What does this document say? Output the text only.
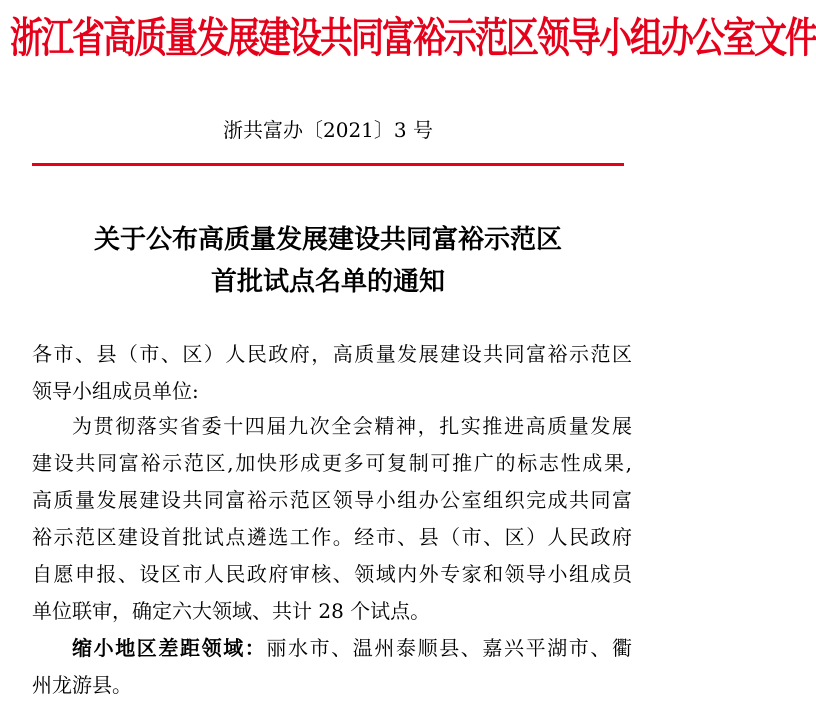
浙江省高质量发展建设共同富裕示范区领导小组办公室文件
浙共富办〔2021〕3 号
关于公布高质量发展建设共同富裕示范区
首批试点名单的通知
各市、县（市、区）人民政府，高质量发展建设共同富裕示范区
领导小组成员单位:
为贯彻落实省委十四届九次全会精神，扎实推进高质量发展
建设共同富裕示范区,加快形成更多可复制可推广的标志性成果,
高质量发展建设共同富裕示范区领导小组办公室组织完成共同富
裕示范区建设首批试点遴选工作。经市、县（市、区）人民政府
自愿申报、设区市人民政府审核、领域内外专家和领导小组成员
单位联审，确定六大领域、共计 28 个试点。
缩小地区差距领域：丽水市、温州泰顺县、嘉兴平湖市、衢
州龙游县。
